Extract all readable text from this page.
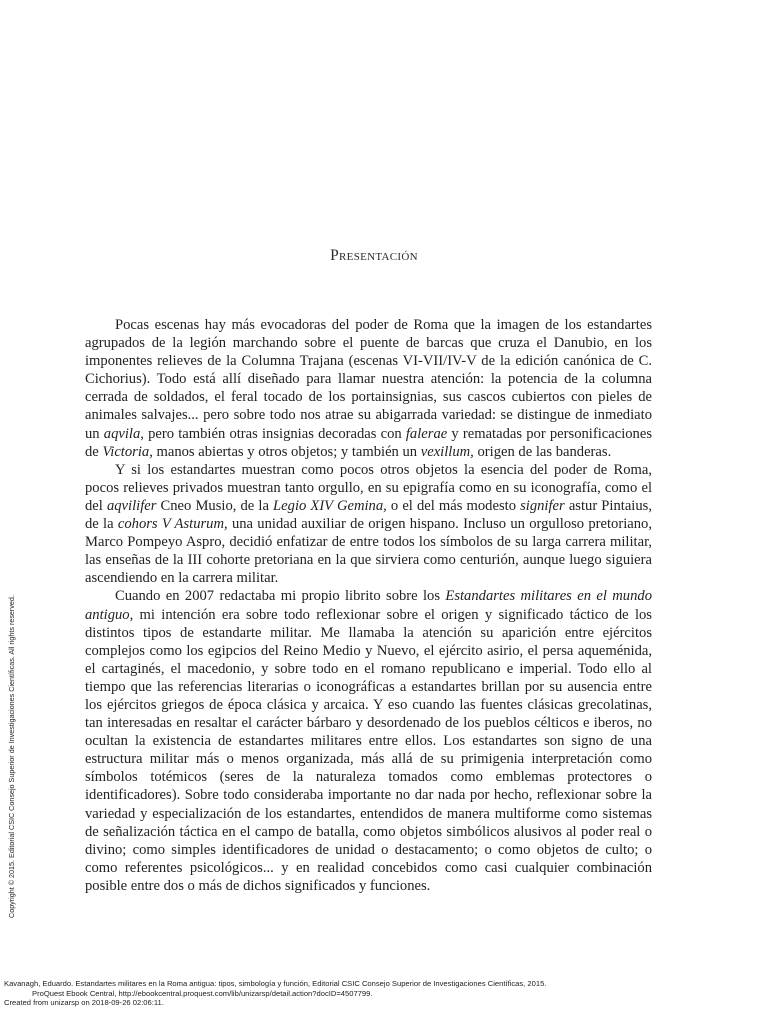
Presentación

Pocas escenas hay más evocadoras del poder de Roma que la imagen de los estandartes agrupados de la legión marchando sobre el puente de barcas que cruza el Danubio, en los imponentes relieves de la Columna Trajana (escenas VI-VII/IV-V de la edición canónica de C. Cichorius). Todo está allí diseñado para llamar nuestra atención: la potencia de la columna cerrada de soldados, el feral tocado de los portainsignias, sus cascos cubiertos con pieles de animales salvajes... pero sobre todo nos atrae su abigarrada variedad: se distingue de inmediato un aqvila, pero también otras insignias decoradas con falerae y rematadas por personificaciones de Victoria, manos abiertas y otros objetos; y también un vexillum, origen de las banderas.

Y si los estandartes muestran como pocos otros objetos la esencia del poder de Roma, pocos relieves privados muestran tanto orgullo, en su epigrafía como en su iconografía, como el del aqvilifer Cneo Musio, de la Legio XIV Gemina, o el del más modesto signifer astur Pintaius, de la cohors V Asturum, una unidad auxiliar de origen hispano. Incluso un orgulloso pretoriano, Marco Pompeyo Aspro, decidió enfatizar de entre todos los símbolos de su larga carrera militar, las enseñas de la III cohorte pretoriana en la que sirviera como centurión, aunque luego siguiera ascendiendo en la carrera militar.

Cuando en 2007 redactaba mi propio librito sobre los Estandartes militares en el mundo antiguo, mi intención era sobre todo reflexionar sobre el origen y significado táctico de los distintos tipos de estandarte militar. Me llamaba la atención su aparición entre ejércitos complejos como los egipcios del Reino Medio y Nuevo, el ejército asirio, el persa aqueménida, el cartaginés, el macedonio, y sobre todo en el romano republicano e imperial. Todo ello al tiempo que las referencias literarias o iconográficas a estandartes brillan por su ausencia entre los ejércitos griegos de época clásica y arcaica. Y eso cuando las fuentes clásicas grecolatinas, tan interesadas en resaltar el carácter bárbaro y desordenado de los pueblos célticos e iberos, no ocultan la existencia de estandartes militares entre ellos. Los estandartes son signo de una estructura militar más o menos organizada, más allá de su primigenia interpretación como símbolos totémicos (seres de la naturaleza tomados como emblemas protectores o identificadores). Sobre todo consideraba importante no dar nada por hecho, reflexionar sobre la variedad y especialización de los estandartes, entendidos de manera multiforme como sistemas de señalización táctica en el campo de batalla, como objetos simbólicos alusivos al poder real o divino; como simples identificadores de unidad o destacamento; o como objetos de culto; o como referentes psicológicos... y en realidad concebidos como casi cualquier combinación posible entre dos o más de dichos significados y funciones.

Copyright © 2015. Editorial CSIC Consejo Superior de Investigaciones Científicas. All rights reserved.
Kavanagh, Eduardo. Estandartes militares en la Roma antigua: tipos, simbología y función, Editorial CSIC Consejo Superior de Investigaciones Científicas, 2015.
ProQuest Ebook Central, http://ebookcentral.proquest.com/lib/unizarsp/detail.action?docID=4507799.
Created from unizarsp on 2018-09-26 02:06:11.
